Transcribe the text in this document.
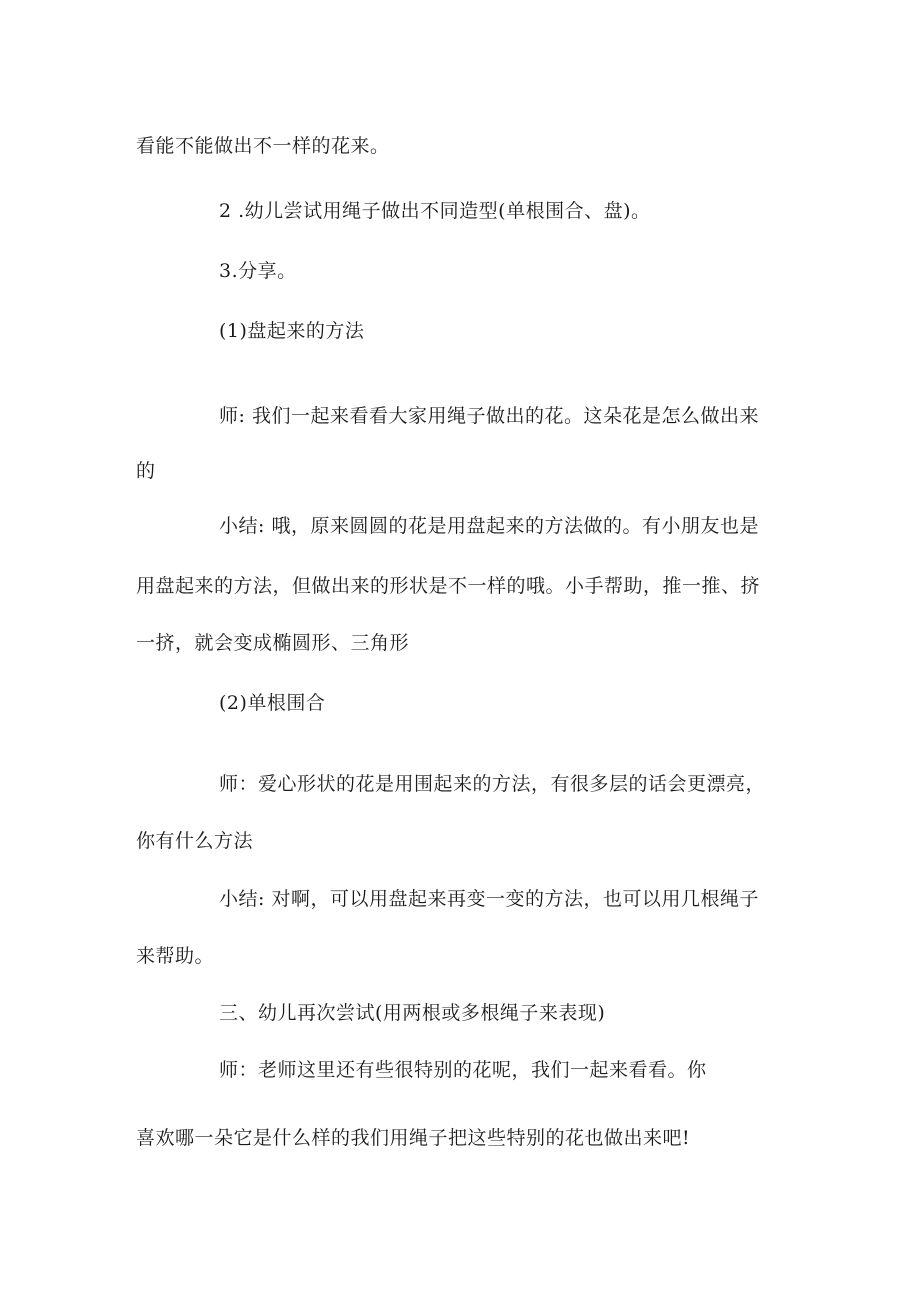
看能不能做出不一样的花来。
2 .幼儿尝试用绳子做出不同造型(单根围合、盘)。
3.分享。
(1)盘起来的方法
师: 我们一起来看看大家用绳子做出的花。这朵花是怎么做出来
的
小结: 哦，原来圆圆的花是用盘起来的方法做的。有小朋友也是
用盘起来的方法，但做出来的形状是不一样的哦。小手帮助，推一推、挤
一挤，就会变成椭圆形、三角形
(2)单根围合
师：爱心形状的花是用围起来的方法，有很多层的话会更漂亮，
你有什么方法
小结: 对啊，可以用盘起来再变一变的方法，也可以用几根绳子
来帮助。
三、幼儿再次尝试(用两根或多根绳子来表现)
师：老师这里还有些很特别的花呢，我们一起来看看。你
喜欢哪一朵它是什么样的我们用绳子把这些特别的花也做出来吧!
